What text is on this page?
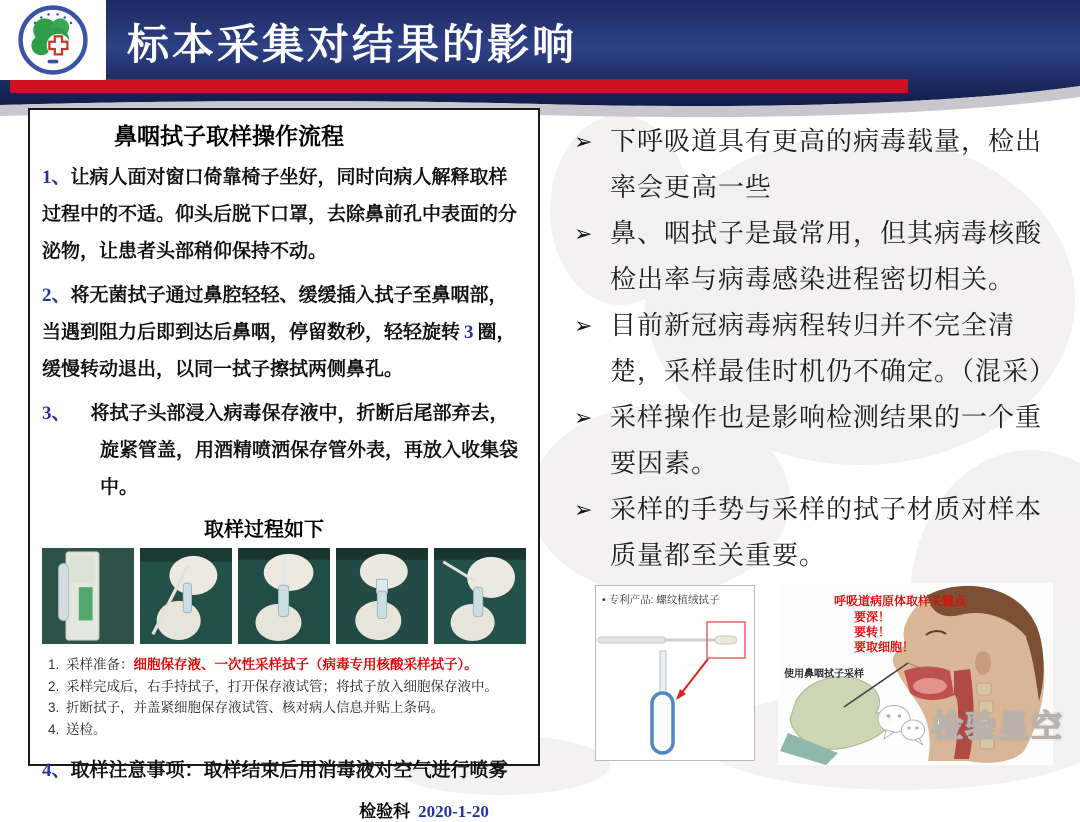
标本采集对结果的影响
鼻咽拭子取样操作流程

1、让病人面对窗口倚靠椅子坐好，同时向病人解释取样过程中的不适。仰头后脱下口罩，去除鼻前孔中表面的分泌物，让患者头部稍仰保持不动。

2、将无菌拭子通过鼻腔轻轻、缓缓插入拭子至鼻咽部，当遇到阻力后即到达后鼻咽，停留数秒，轻轻旋转 3 圈，缓慢转动退出，以同一拭子擦拭两侧鼻孔。

3、 将拭子头部浸入病毒保存液中，折断后尾部弃去，旋紧管盖，用酒精喷洒保存管外表，再放入收集袋中。

取样过程如下
1. 采样准备：细胞保存液、一次性采样拭子（病毒专用核酸采样拭子）。
2. 采样完成后，右手持拭子，打开保存液试管；将拭子放入细胞保存液中。
3. 折断拭子，并盖紧细胞保存液试管、核对病人信息并贴上条码。
4. 送检。

4、取样注意事项：取样结束后用消毒液对空气进行喷雾

检验科 2020-1-20
➢ 下呼吸道具有更高的病毒载量，检出率会更高一些
➢ 鼻、咽拭子是最常用，但其病毒核酸检出率与病毒感染进程密切相关。
➢ 目前新冠病毒病程转归并不完全清楚，采样最佳时机仍不确定。（混采）
➢ 采样操作也是影响检测结果的一个重要因素。
➢ 采样的手势与采样的拭子材质对样本质量都至关重要。
• 专利产品: 螺纹植绒拭子	呼吸道病原体取样关键点
要深！
要转！
要取细胞！
使用鼻咽拭子采样
检验星空
